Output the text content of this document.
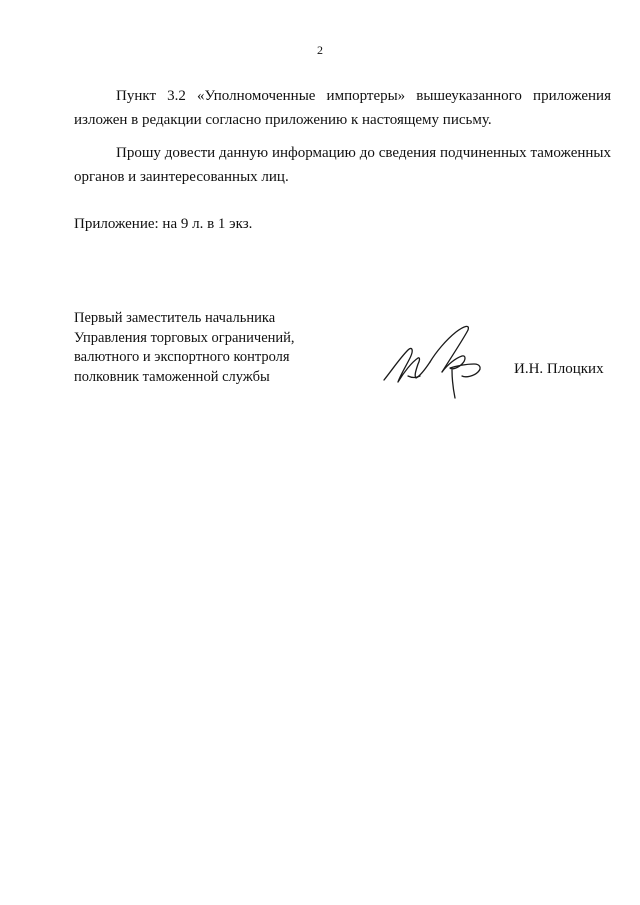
2

Пункт 3.2 «Уполномоченные импортеры» вышеуказанного приложения изложен в редакции согласно приложению к настоящему письму.

Прошу довести данную информацию до сведения подчиненных таможенных органов и заинтересованных лиц.

Приложение: на 9 л. в 1 экз.
Первый заместитель начальника
Управления торговых ограничений,
валютного и экспортного контроля
полковник таможенной службы	И.Н. Плоцких
